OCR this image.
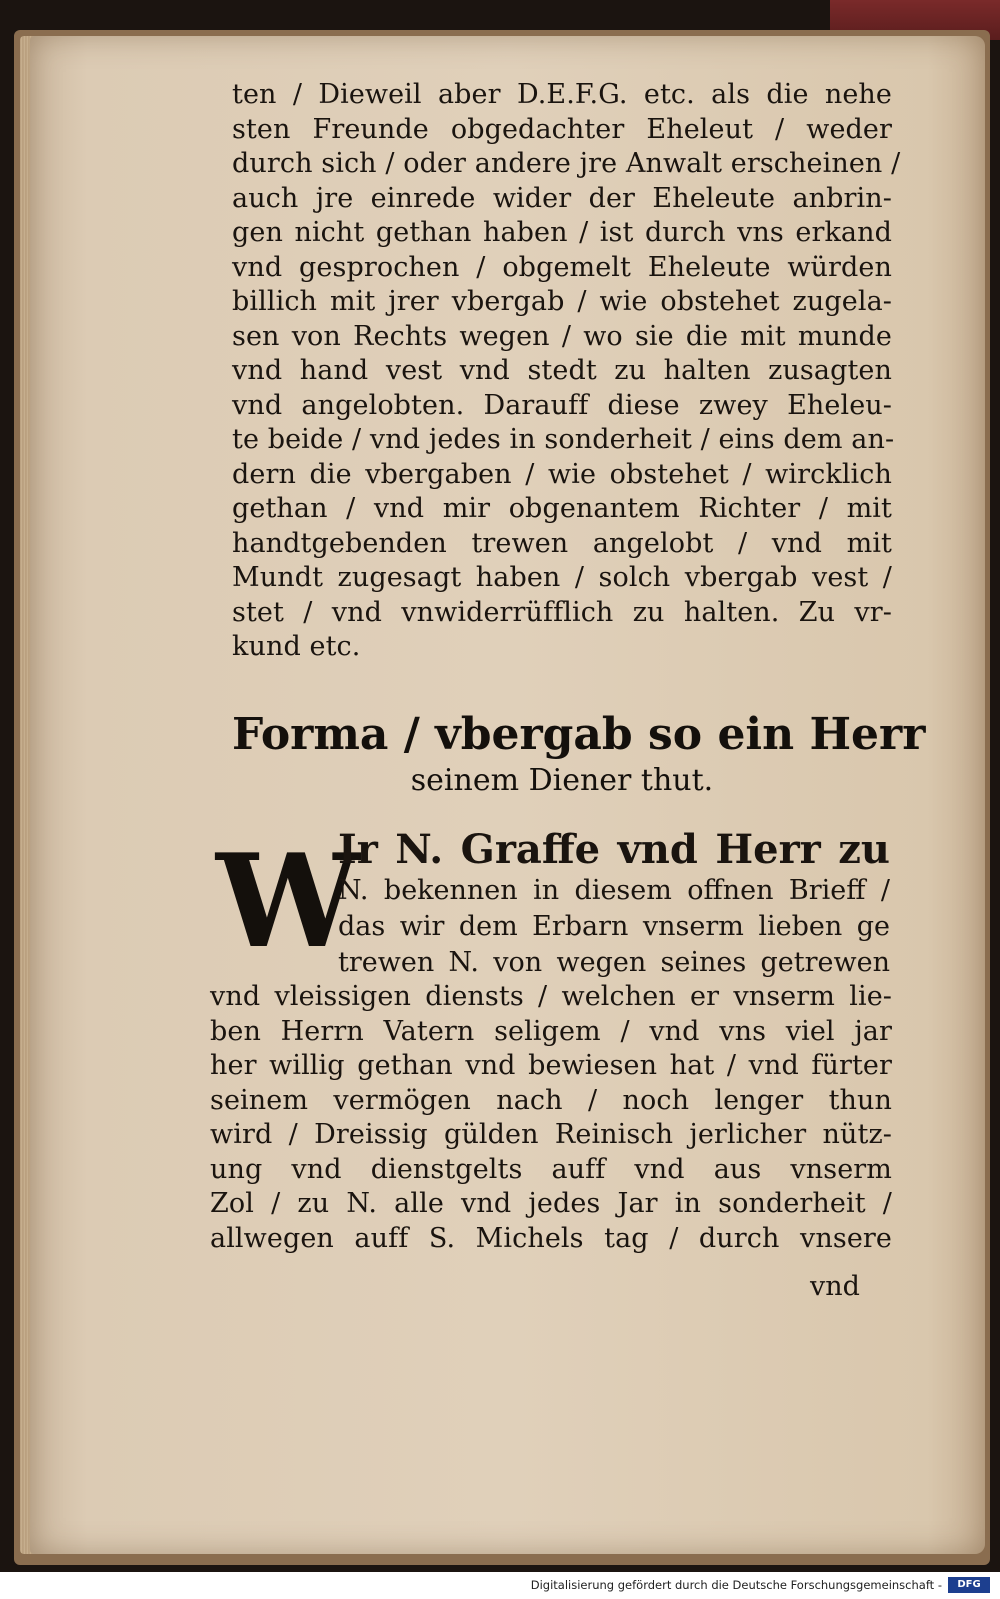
ten / Dieweil aber D.E.F.G. etc. als die nehe
sten Freunde obgedachter Eheleut / weder
durch sich / oder andere jre Anwalt erscheinen /
auch jre einrede wider der Eheleute anbrin-
gen nicht gethan haben / ist durch vns erkand
vnd gesprochen / obgemelt Eheleute würden
billich mit jrer vbergab / wie obstehet zugela-
sen von Rechts wegen / wo sie die mit munde
vnd hand vest vnd stedt zu halten zusagten
vnd angelobten. Darauff diese zwey Eheleu-
te beide / vnd jedes in sonderheit / eins dem an-
dern die vbergaben / wie obstehet / wircklich
gethan / vnd mir obgenantem Richter / mit
handtgebenden trewen angelobt / vnd mit
Mundt zugesagt haben / solch vbergab vest /
stet / vnd vnwiderrüfflich zu halten. Zu vr-
kund etc.
Forma / vbergab so ein Herr
seinem Diener thut.
W
Ir N. Graffe vnd Herr zu
N. bekennen in diesem offnen Brieff /
das wir dem Erbarn vnserm lieben ge
trewen N. von wegen seines getrewen
vnd vleissigen diensts / welchen er vnserm lie-
ben Herrn Vatern seligem / vnd vns viel jar
her willig gethan vnd bewiesen hat / vnd fürter
seinem vermögen nach / noch lenger thun
wird / Dreissig gülden Reinisch jerlicher nütz-
ung vnd dienstgelts auff vnd aus vnserm
Zol / zu N. alle vnd jedes Jar in sonderheit /
allwegen auff S. Michels tag / durch vnsere
vnd
Digitalisierung gefördert durch die Deutsche Forschungsgemeinschaft -	DFG
